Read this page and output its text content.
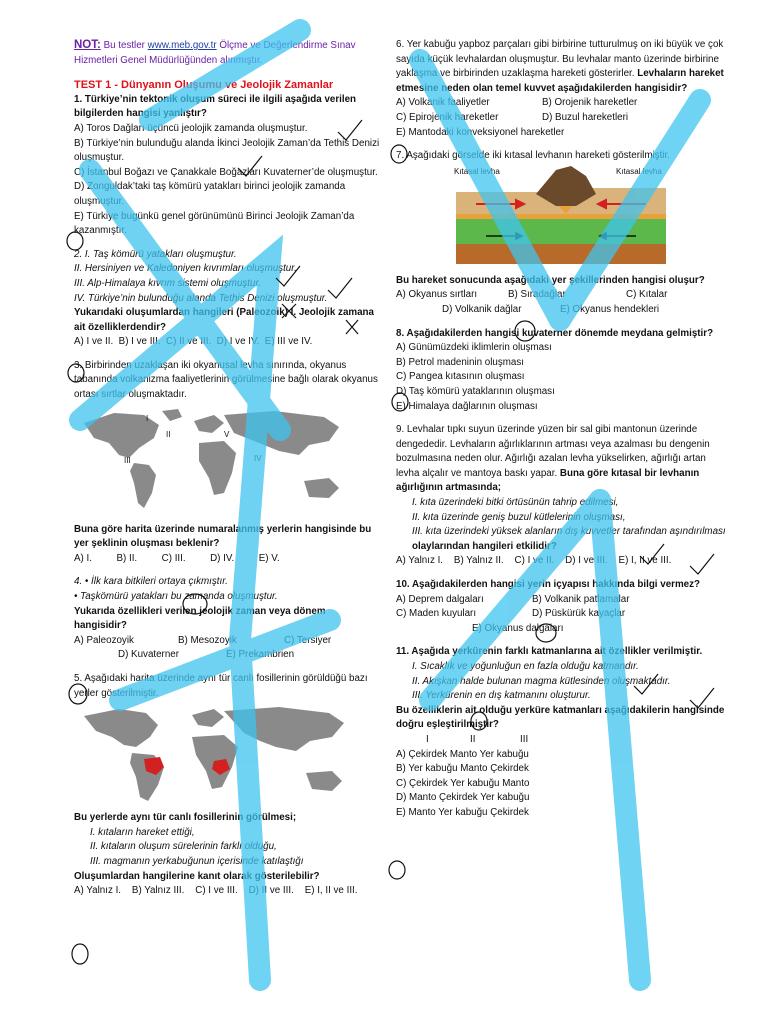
NOT: Bu testler www.meb.gov.tr Ölçme ve Değerlendirme Sınav Hizmetleri Genel Müdürlüğünden alınmıştır.

TEST 1 - Dünyanın Oluşumu ve Jeolojik Zamanlar

1. Türkiye’nin tektonik oluşum süreci ile ilgili aşağıda verilen bilgilerden hangisi yanlıştır?

A) Toros Dağları üçüncü jeolojik zamanda oluşmuştur.

B) Türkiye’nin bulunduğu alanda İkinci Jeolojik Zaman’da Tethis Denizi oluşmuştur.

C) İstanbul Boğazı ve Çanakkale Boğazları Kuvaterner’de oluşmuştur.

D) Zonguldak’taki taş kömürü yatakları birinci jeolojik zamanda oluşmuştur.

E) Türkiye bugünkü genel görünümünü Birinci Jeolojik Zaman’da kazanmıştır.

2. I. Taş kömürü yatakları oluşmuştur.

II. Hersiniyen ve Kaledoniyen kıvrımları oluşmuştur.

III. Alp-Himalaya kıvrım sistemi oluşmuştur.

IV. Türkiye’nin bulunduğu alanda Tethis Denizi oluşmuştur.

Yukarıdaki oluşumlardan hangileri (Paleozoik) I. Jeolojik zamana ait özelliklerdendir?

A) I ve II. B) I ve III. C) II ve III. D) I ve IV. E) III ve IV.

3. Birbirinden uzaklaşan iki okyanusal levha sınırında, okyanus tabanında volkanizma faaliyetlerinin görülmesine bağlı olarak okyanus ortası sırtlar oluşmaktadır.

I
II
III	IV
V

Buna göre harita üzerinde numaralanmış yerlerin hangisinde bu yer şeklinin oluşması beklenir?

A) I.	B) II.	C) III.	D) IV.	E) V.

4. • İlk kara bitkileri ortaya çıkmıştır.

• Taşkömürü yatakları bu zamanda oluşmuştur.

Yukarıda özellikleri verilen jeolojik zaman veya dönem hangisidir?

A) Paleozoyik	B) Mesozoyik	C) Tersiyer

D) Kuvaterner	E) Prekambrien

5. Aşağıdaki harita üzerinde aynı tür canlı fosillerinin görüldüğü bazı yerler gösterilmiştir.

Bu yerlerde aynı tür canlı fosillerinin görülmesi;

I. kıtaların hareket ettiği,

II. kıtaların oluşum sürelerinin farklı olduğu,

III. magmanın yerkabuğunun içerisinde katılaştığı

Oluşumlardan hangilerine kanıt olarak gösterilebilir?

A) Yalnız I. B) Yalnız III. C) I ve III. D) II ve III. E) I, II ve III.

6. Yer kabuğu yapboz parçaları gibi birbirine tutturulmuş on iki büyük ve çok sayıda küçük levhalardan oluşmuştur. Bu levhalar manto üzerinde birbirine yaklaşma ve birbirinden uzaklaşma hareketi gösterirler. Levhaların hareket etmesine neden olan temel kuvvet aşağıdakilerden hangisidir?

A) Volkanik faaliyetler	B) Orojenik hareketler

C) Epirojenik hareketler	D) Buzul hareketleri

E) Mantodaki konveksiyonel hareketler

7. Aşağıdaki görselde iki kıtasal levhanın hareketi gösterilmiştir.

Kıtasal levha	Kıtasal levha

Bu hareket sonucunda aşağıdaki yer şekillerinden hangisi oluşur?

A) Okyanus sırtları	B) Sıradağlar	C) Kıtalar

D) Volkanik dağlar	E) Okyanus hendekleri

8. Aşağıdakilerden hangisi kuvaterner dönemde meydana gelmiştir?

A) Günümüzdeki iklimlerin oluşması

B) Petrol madeninin oluşması

C) Pangea kıtasının oluşması

D) Taş kömürü yataklarının oluşması

E) Himalaya dağlarının oluşması

9. Levhalar tıpkı suyun üzerinde yüzen bir sal gibi mantonun üzerinde dengededir. Levhaların ağırlıklarının artması veya azalması bu dengenin bozulmasına neden olur. Ağırlığı azalan levha yükselirken, ağırlığı artan levha alçalır ve mantoya baskı yapar. Buna göre kıtasal bir levhanın ağırlığının artmasında;

I. kıta üzerindeki bitki örtüsünün tahrip edilmesi,

II. kıta üzerinde geniş buzul kütlelerinin oluşması,

III. kıta üzerindeki yüksek alanların dış kuvvetler tarafından aşındırılması olaylarından hangileri etkilidir?

A) Yalnız I. B) Yalnız II. C) I ve II. D) I ve III. E) I, II ve III.

10. Aşağıdakilerden hangisi yerin içyapısı hakkında bilgi vermez?

A) Deprem dalgaları	B) Volkanik patlamalar

C) Maden kuyuları	D) Püskürük kayaçlar

E) Okyanus dalgaları

11. Aşağıda yerkürenin farklı katmanlarına ait özellikler verilmiştir.

I. Sıcaklık ve yoğunluğun en fazla olduğu katmandır.

II. Akışkan halde bulunan magma kütlesinden oluşmaktadır.

III. Yerkürenin en dış katmanını oluşturur.

Bu özelliklerin ait olduğu yerküre katmanları aşağıdakilerin hangisinde doğru eşleştirilmiştir?

I	II	III

A) Çekirdek Manto Yer kabuğu

B) Yer kabuğu Manto Çekirdek

C) Çekirdek Yer kabuğu Manto

D) Manto Çekirdek Yer kabuğu

E) Manto Yer kabuğu Çekirdek
